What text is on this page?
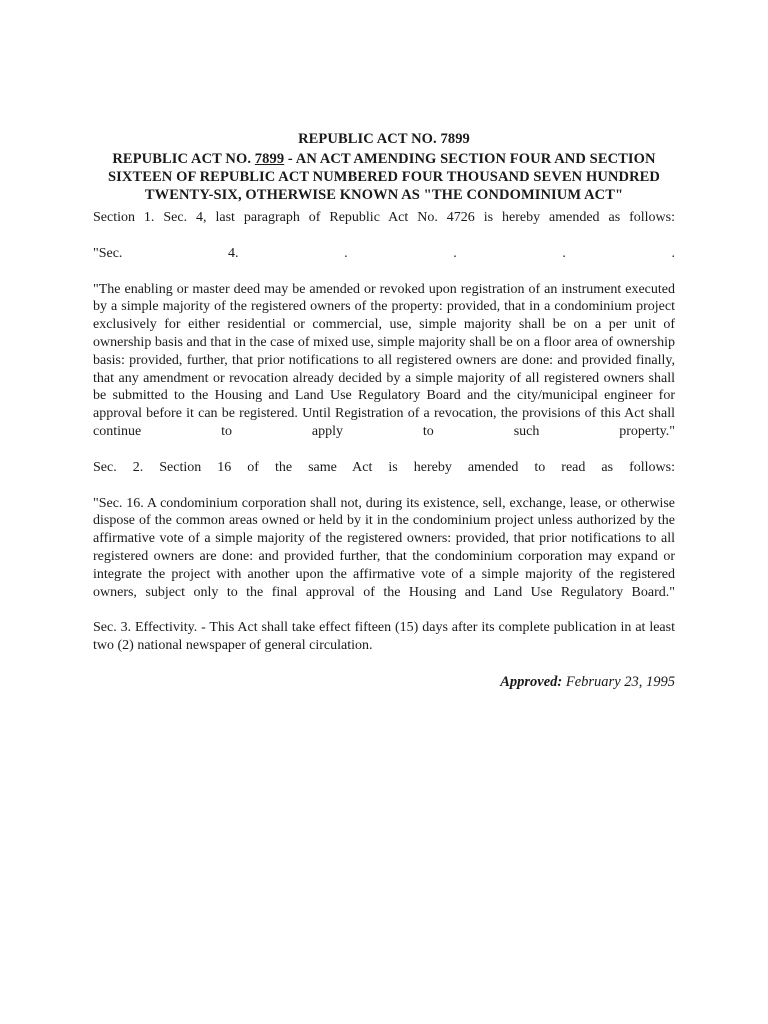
REPUBLIC ACT NO. 7899
REPUBLIC ACT NO. 7899 - AN ACT AMENDING SECTION FOUR AND SECTION SIXTEEN OF REPUBLIC ACT NUMBERED FOUR THOUSAND SEVEN HUNDRED TWENTY-SIX, OTHERWISE KNOWN AS "THE CONDOMINIUM ACT"

Section 1. Sec. 4, last paragraph of Republic Act No. 4726 is hereby amended as follows:

"Sec.	4.	.	.	.	.

"The enabling or master deed may be amended or revoked upon registration of an instrument executed by a simple majority of the registered owners of the property: provided, that in a condominium project exclusively for either residential or commercial, use, simple majority shall be on a per unit of ownership basis and that in the case of mixed use, simple majority shall be on a floor area of ownership basis: provided, further, that prior notifications to all registered owners are done: and provided finally, that any amendment or revocation already decided by a simple majority of all registered owners shall be submitted to the Housing and Land Use Regulatory Board and the city/municipal engineer for approval before it can be registered. Until Registration of a revocation, the provisions of this Act shall continue to apply to such property."

Sec. 2. Section 16 of the same Act is hereby amended to read as follows:

"Sec. 16. A condominium corporation shall not, during its existence, sell, exchange, lease, or otherwise dispose of the common areas owned or held by it in the condominium project unless authorized by the affirmative vote of a simple majority of the registered owners: provided, that prior notifications to all registered owners are done: and provided further, that the condominium corporation may expand or integrate the project with another upon the affirmative vote of a simple majority of the registered owners, subject only to the final approval of the Housing and Land Use Regulatory Board."

Sec. 3. Effectivity. - This Act shall take effect fifteen (15) days after its complete publication in at least two (2) national newspaper of general circulation.

Approved: February 23, 1995
